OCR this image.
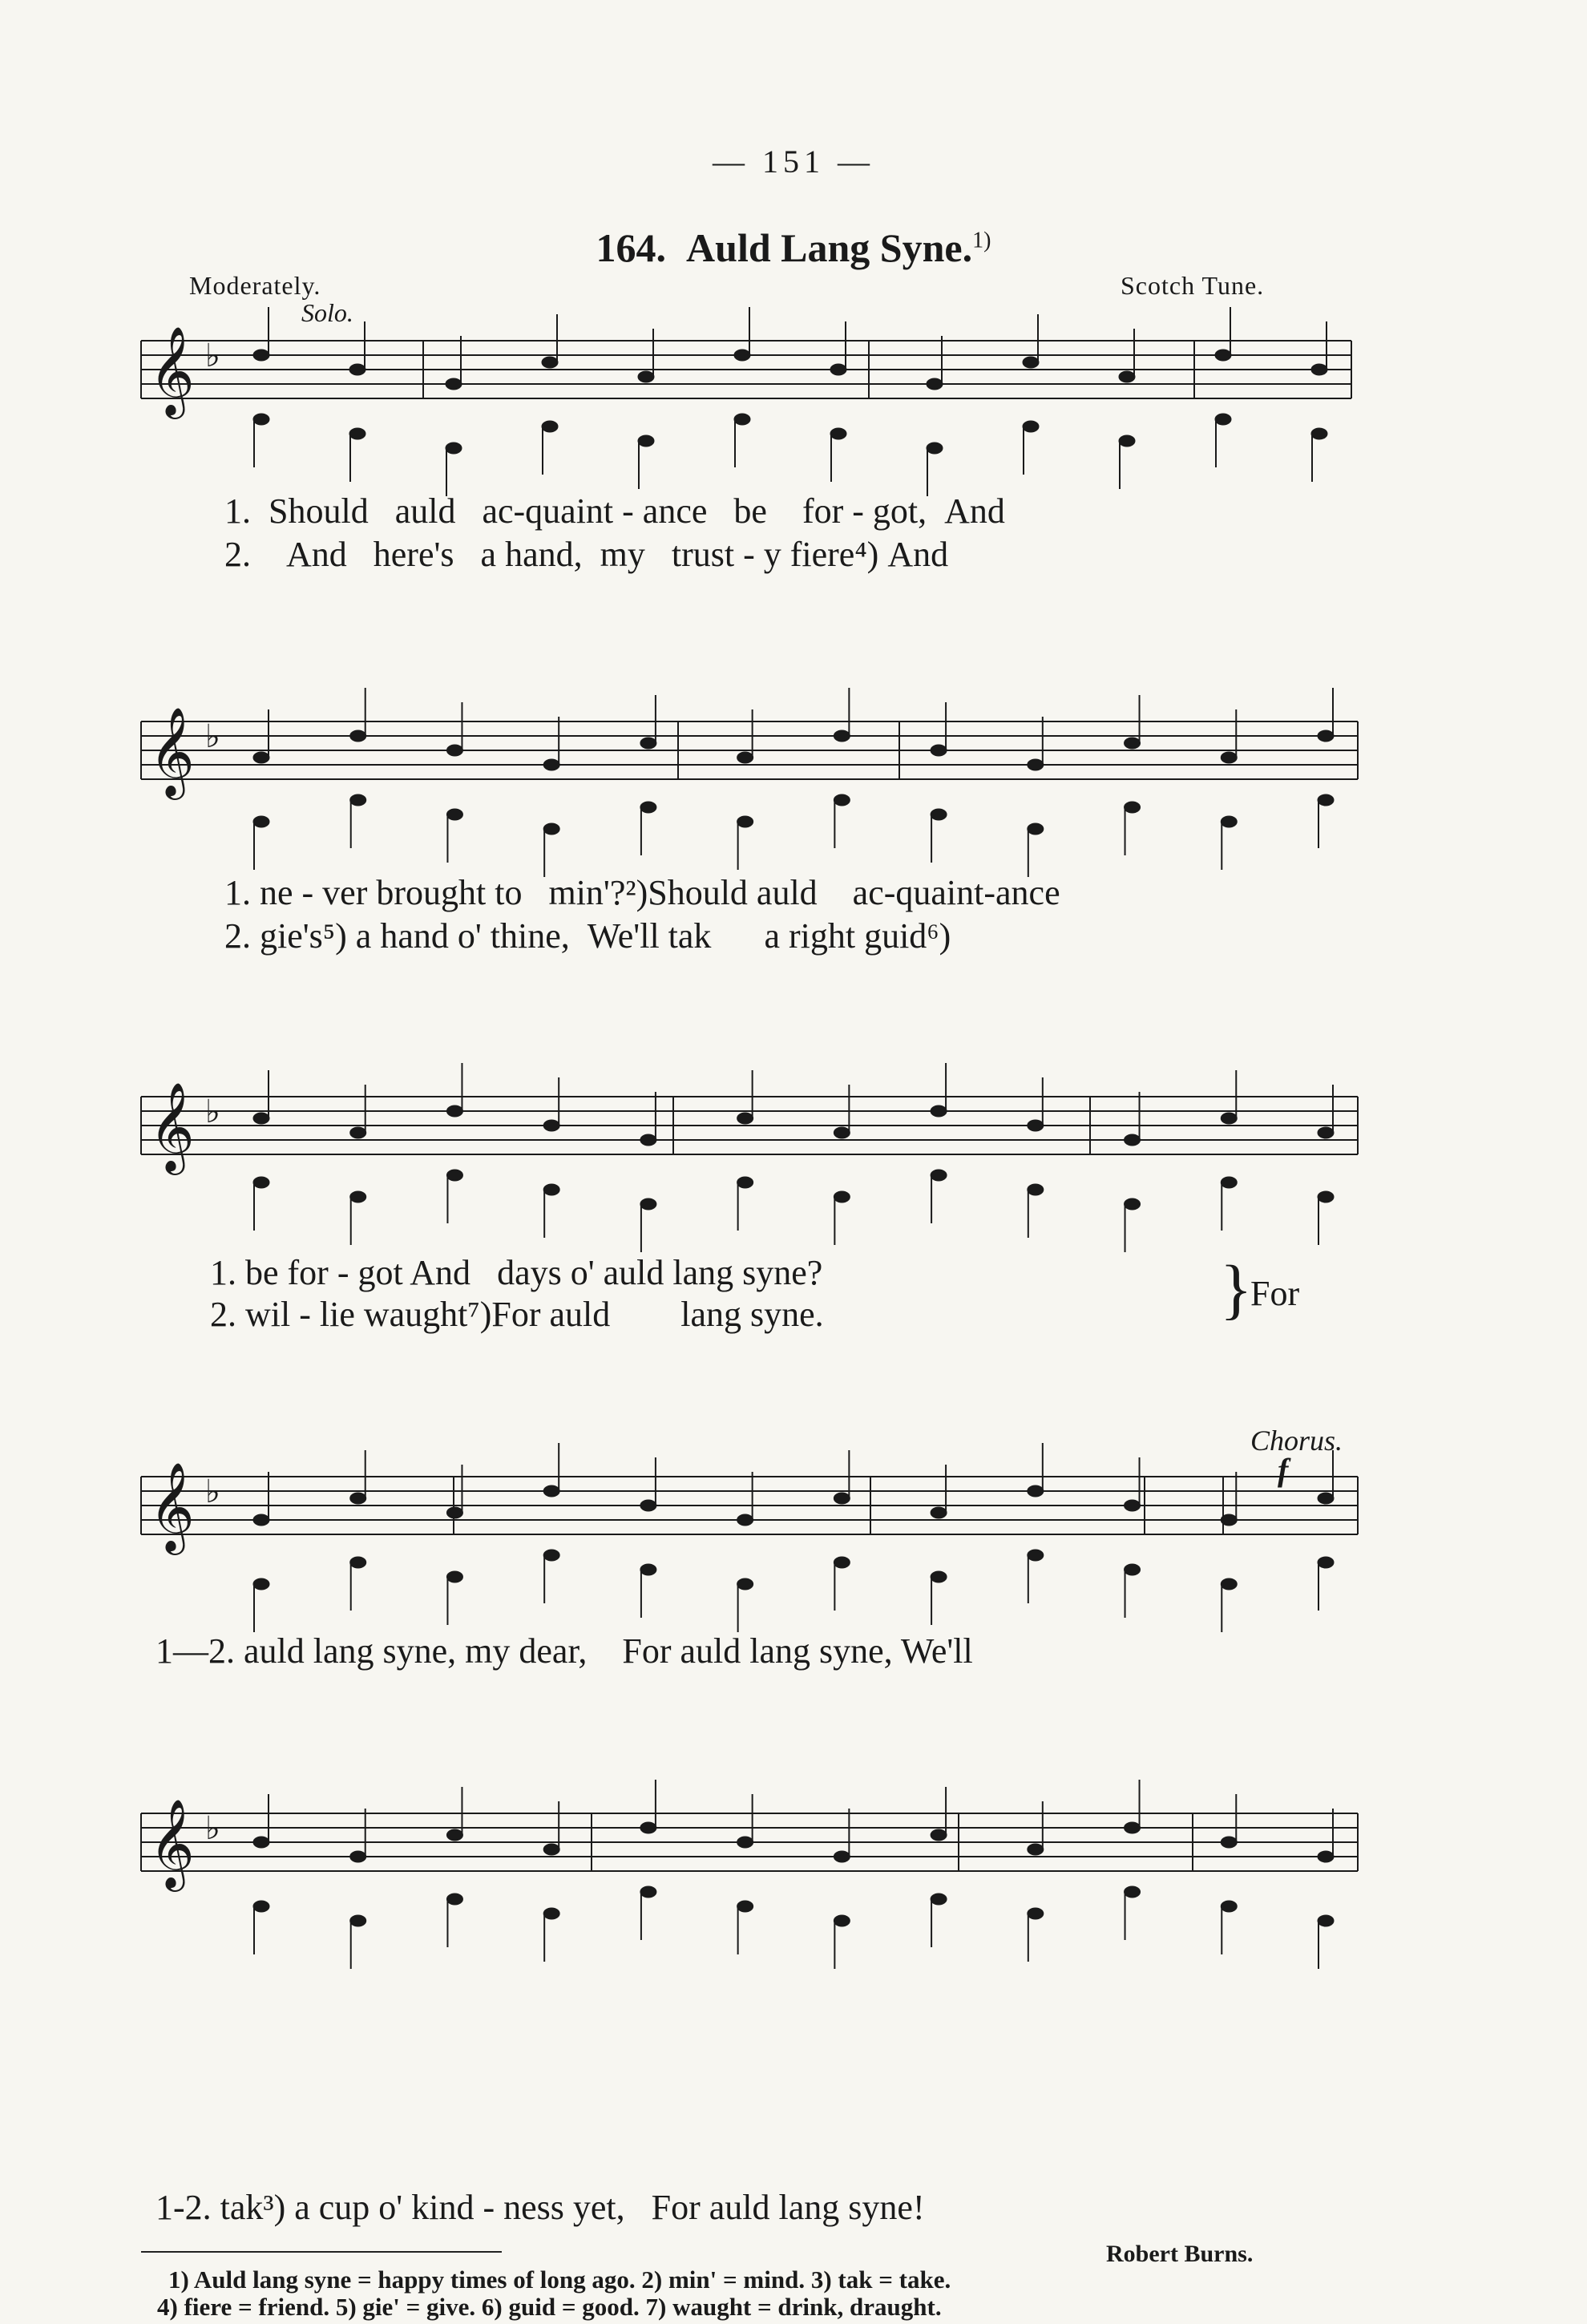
— 151 —
164. Auld Lang Syne.$^{1)}$
Moderately.
Solo.
Scotch Tune.
𝄞 ♭
𝄞 ♭
𝄞 ♭
𝄞 ♭
𝄞 ♭
1. Should auld ac-quaint - ance be for - got, And
2. And here's a hand, my trust - y fiere⁴) And
1. ne - ver brought to min'?²)Should auld ac-quaint-ance
2. gie's⁵) a hand o' thine, We'll tak a right guid⁶)
1. be for - got And days o' auld lang syne?
2. wil - lie waught⁷)For auld lang syne.	}
For
Chorus.
f
1—2. auld lang syne, my dear, For auld lang syne, We'll
1-2. tak³) a cup o' kind - ness yet, For auld lang syne!
Robert Burns.
1) Auld lang syne = happy times of long ago. 2) min' = mind. 3) tak = take.
4) fiere = friend. 5) gie' = give. 6) guid = good. 7) waught = drink, draught.
